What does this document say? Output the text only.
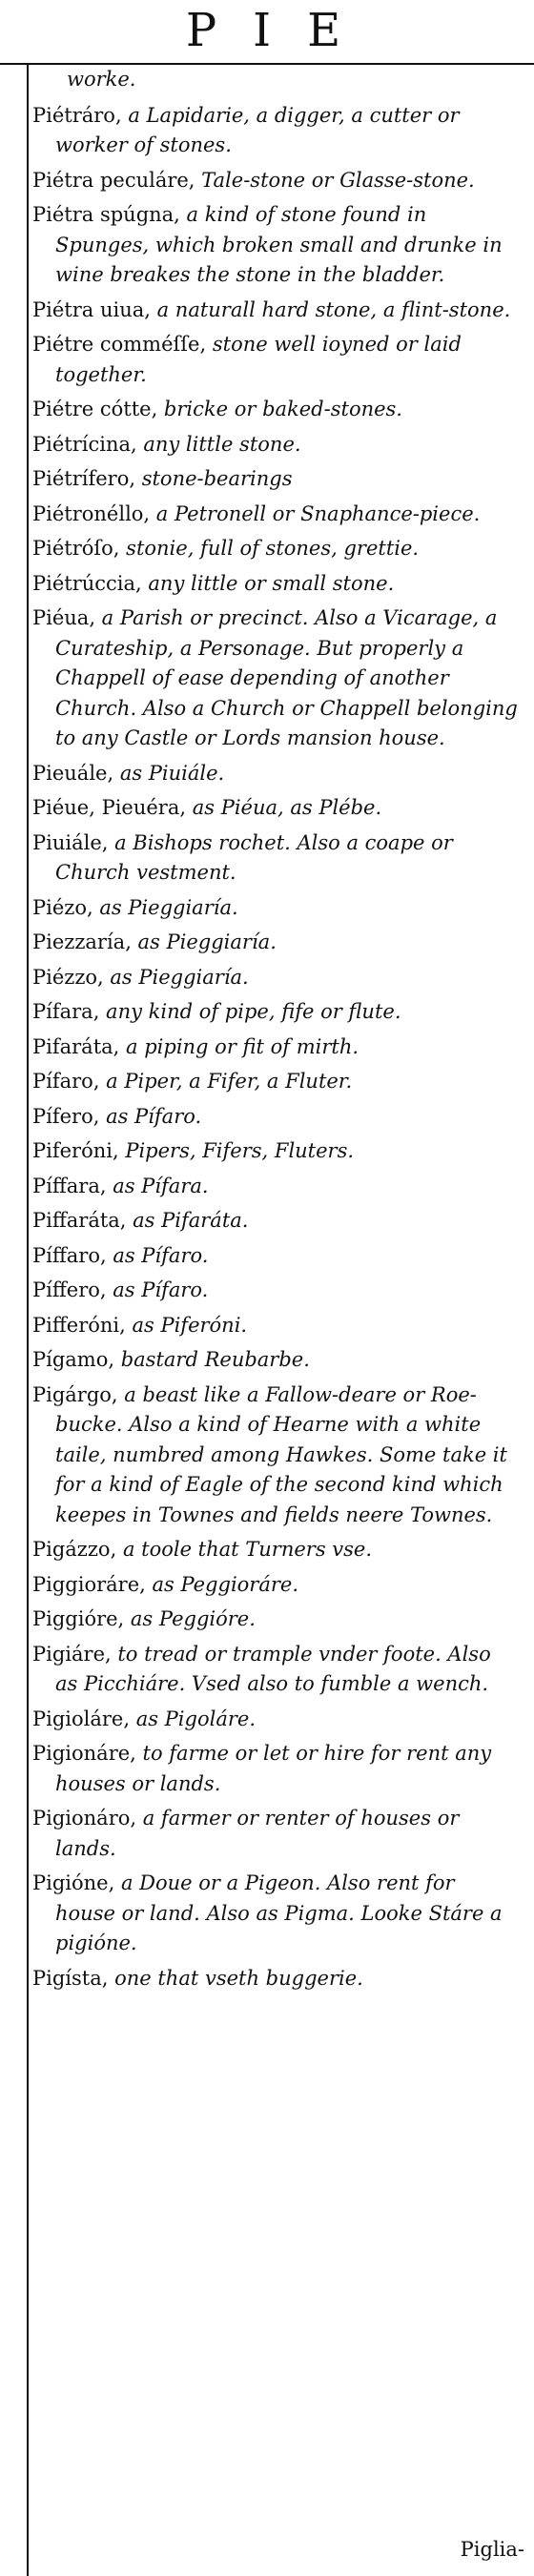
PIE
worke.
Piétráro, a Lapidarie, a digger, a cutter or worker of stones.
Piétra peculáre, Tale-stone or Glasse-stone.
Piétra spúgna, a kind of stone found in Spunges, which broken small and drunke in wine breakes the stone in the bladder.
Piétra uiua, a naturall hard stone, a flint-stone.
Piétre comméſſe, stone well ioyned or laid together.
Piétre cótte, bricke or baked-stones.
Piétrícina, any little stone.
Piétrífero, stone-bearings
Piétronéllo, a Petronell or Snaphance-piece.
Piétróſo, stonie, full of stones, grettie.
Piétrúccia, any little or small stone.
Piéua, a Parish or precinct. Also a Vicarage, a Curateship, a Personage. But properly a Chappell of ease depending of another Church. Also a Church or Chappell belonging to any Castle or Lords mansion house.
Pieuále, as Piuiále.
Piéue, Pieuéra, as Piéua, as Plébe.
Piuiále, a Bishops rochet. Also a coape or Church vestment.
Piézo, as Pieggiaría.
Piezzaría, as Pieggiaría.
Piézzo, as Pieggiaría.
Pífara, any kind of pipe, fife or flute.
Pifaráta, a piping or fit of mirth.
Pífaro, a Piper, a Fifer, a Fluter.
Pífero, as Pífaro.
Piferóni, Pipers, Fifers, Fluters.
Píffara, as Pífara.
Piffaráta, as Pifaráta.
Píffaro, as Pífaro.
Píffero, as Pífaro.
Pifferóni, as Piferóni.
Pígamo, bastard Reubarbe.
Pigárgo, a beast like a Fallow-deare or Roe-bucke. Also a kind of Hearne with a white taile, numbred among Hawkes. Some take it for a kind of Eagle of the second kind which keepes in Townes and fields neere Townes.
Pigázzo, a toole that Turners vse.
Piggioráre, as Peggioráre.
Piggióre, as Peggióre.
Pigiáre, to tread or trample vnder foote. Also as Picchiáre. Vsed also to fumble a wench.
Pigioláre, as Pigoláre.
Pigionáre, to farme or let or hire for rent any houses or lands.
Pigionáro, a farmer or renter of houses or lands.
Pigióne, a Doue or a Pigeon. Also rent for house or land. Also as Pigma. Looke Stáre a pigióne.
Pigísta, one that vseth buggerie.
Piglia-
